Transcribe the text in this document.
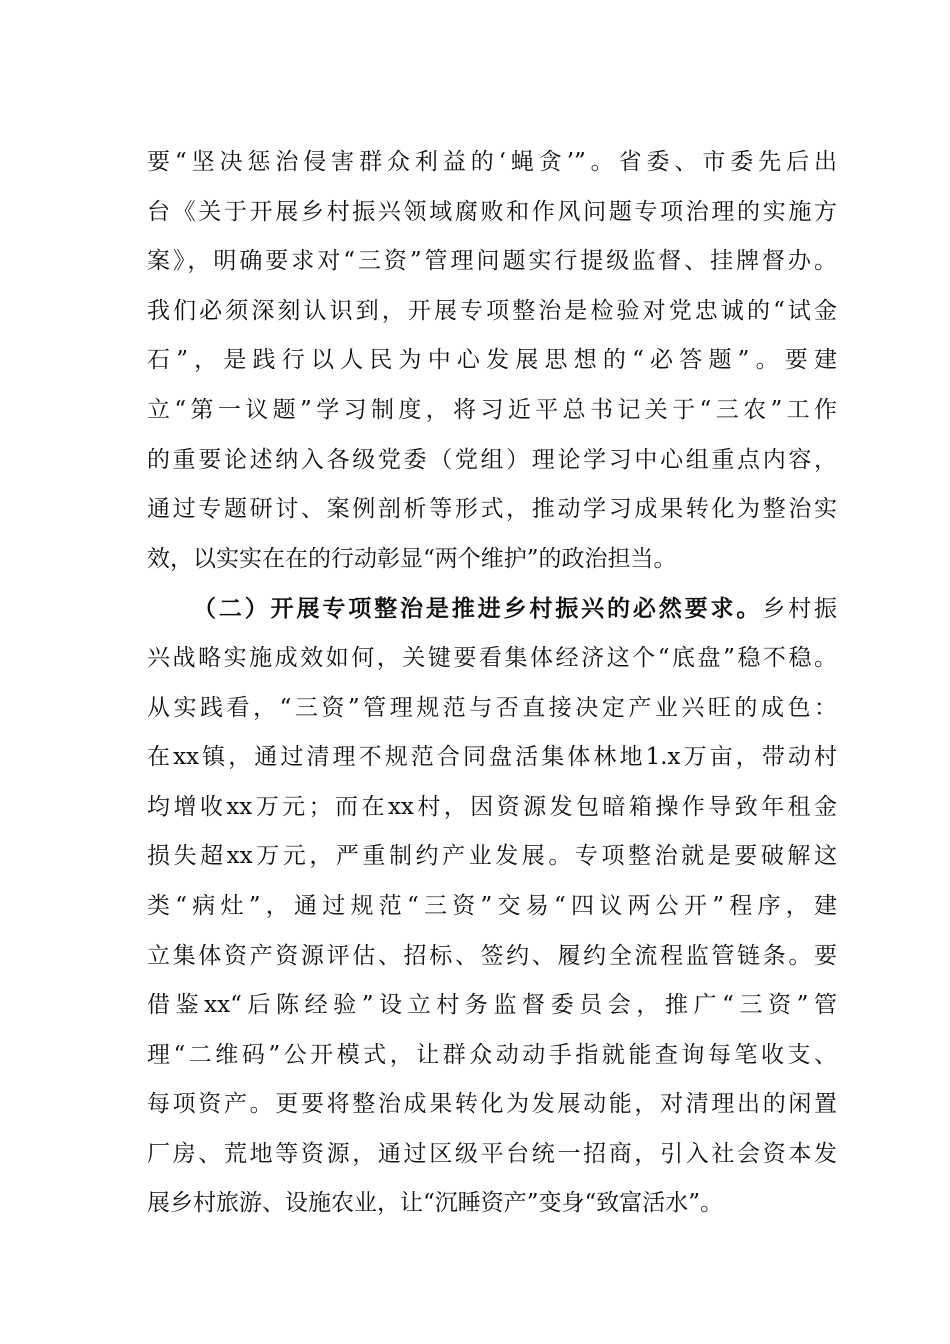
要“坚决惩治侵害群众利益的‘蝇贪’”。省委、市委先后出
台《关于开展乡村振兴领域腐败和作风问题专项治理的实施方
案》，明确要求对“三资”管理问题实行提级监督、挂牌督办。
我们必须深刻认识到，开展专项整治是检验对党忠诚的“试金
石”，是践行以人民为中心发展思想的“必答题”。要建
立“第一议题”学习制度，将习近平总书记关于“三农”工作
的重要论述纳入各级党委（党组）理论学习中心组重点内容，
通过专题研讨、案例剖析等形式，推动学习成果转化为整治实
效，以实实在在的行动彰显“两个维护”的政治担当。
（二）开展专项整治是推进乡村振兴的必然要求。乡村振
兴战略实施成效如何，关键要看集体经济这个“底盘”稳不稳。
从实践看，“三资”管理规范与否直接决定产业兴旺的成色：
在xx镇，通过清理不规范合同盘活集体林地1.x万亩，带动村
均增收xx万元；而在xx村，因资源发包暗箱操作导致年租金
损失超xx万元，严重制约产业发展。专项整治就是要破解这
类“病灶”，通过规范“三资”交易“四议两公开”程序，建
立集体资产资源评估、招标、签约、履约全流程监管链条。要
借鉴xx“后陈经验”设立村务监督委员会，推广“三资”管
理“二维码”公开模式，让群众动动手指就能查询每笔收支、
每项资产。更要将整治成果转化为发展动能，对清理出的闲置
厂房、荒地等资源，通过区级平台统一招商，引入社会资本发
展乡村旅游、设施农业，让“沉睡资产”变身“致富活水”。
